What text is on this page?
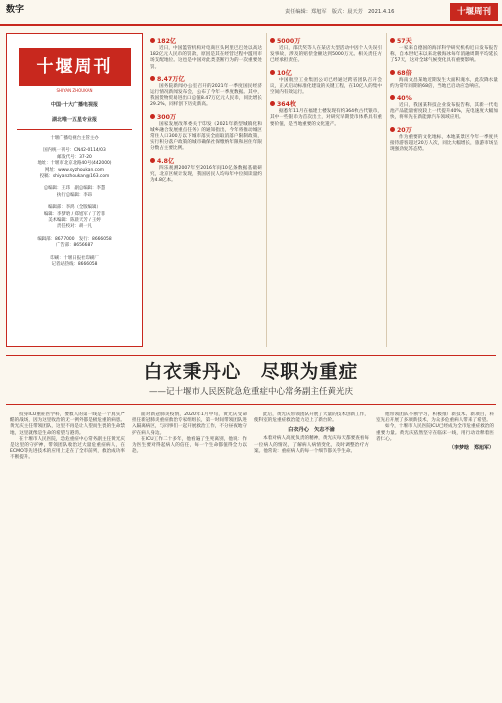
数字	责任编辑：郑旭军　版式：晨天芳　2021.4.16	十堰周刊
十堰周刊
SHIYAN ZHOUKAN
中国·十大广播电视报
湖北唯一五星专业报
十堰广播电视台主管主办
国内统一刊号：CN42-0114/03
邮发代号：37-20
地址：十堰市北京北路40号(442000)
网址：www.syzhoukan.com
投稿：shiyanzhoukan@163.com
总编辑：王玮　副总编辑：李慧
执行总编辑：李昂
编辑部：李鸿（全版编辑）
编辑：李梦晗 / 郑旭军 / 丁若菲
美术编辑：陈晨天芳 / 王婷
责任校对：胡一凡
编辑部：8677000　发行：8666058
广告部：8656687
印刷：十堰日报社印刷厂
记者站热线：8666058
182亿
近日，中国篮管机构对电商巨头阿里巴巴处以高达182亿元人民币的罚款，原因是其在经营过程中滥用市场支配地位。这也是中国对此类垄断行为的一次重要处罚。
8.47万亿
国务院新闻办公室召开的2021年一季度国民经济运行情况新闻发布会，公布了今年一季度数据。其中，我国货物贸易进出口总值8.47万亿元人民币，同比增长29.2%，同样创下历史新高。
300万
国家发展改革委关于印发《2021年新型城镇化和城乡融合发展重点任务》的通知指出，今年将推动城区常住人口300万以下城市落实全面取消落户限制政策，实行积分落户政策的城市确保社保缴纳年限和居住年限分数占主要比例。
4.8亿
四乐观测2007年至2016年间10亿条数据基础研究，北京区统计发现，我国居民人均每年中位阅读量约为4.8亿本。
5000万
近日，邵氏奖等人在某店大型活动中因个人失误引发事故，涉及的赔偿金额达到5000万元。相关责任方已经承担责任。
10亿
中国航空工业集团公司已经通过跨省团队召开会议，正式启动标准化建设的关键工程，在10亿人的集中空间内有效运行。
364枚
据悉年11月在福建土楼发现有约364枚古代银币，其中一些银币为首次出土，对研究早期货币体系具有重要价值，是当地重要的文化遗产。
57天
一家来自德国的海洋科学研究机构近日发布报告称，自本世纪末以来北极海冰每年消融周期平均延长了57天，这对全球气候变化具有重要影响。
68倍
海南文昌某地近期发生大面积淹水，此次降水量约为常年同期的68倍，当地已启动应急响应。
40%
近日，我国某科技企业发布报告称，其新一代电池产品能量密度较上一代提升40%，充电速度大幅加快，将率先在新能源汽车领域应用。
20万
作为重要的文化地标，本地某景区今年一季度共接待游客超过20万人次，同比大幅增长，旅游市场呈现强劲复苏态势。
白衣秉丹心　尽职为重症
——记十堰市人民医院急危重症中心常务副主任黄光庆
投身ICU重症医学科，要救人的第一线是一个真实严酷的战场，因为这里收治的无一例外都是极危重的病患。黄光庆主任带领团队，这里不再是让人望而生畏的生命禁地，这里就像是生命的希望与港湾。
在十堰市人民医院，急危重症中心常务副主任黄光庆是这里的守护神，带领团队收治过大量危重症病人，在ECMO等先进技术的应用上走在了全市前列，救治成功率不断提升。
面对新冠肺炎疫情，2020年1月中旬，黄光庆受命担任新冠肺炎重症救治专家组组长，第一时间带领团队进入隔离病区，与同事们一起开展救治工作，不分昼夜地守护在病人身边。
在ICU工作二十多年，他看遍了生死离别，他说：作为医生要对得起病人的信任，每一个生命都值得全力以赴。
此后，黄光庆带领团队开展了大量的技术创新工作，使科室的危重症救治能力迈上了新台阶。
白衣丹心　矢志不渝
本着对病人高度负责的精神，黄光庆每天都要查看每一位病人的情况，了解病人病情变化，及时调整治疗方案。他常说：重症病人的每一个细节都关乎生命。
他带领团队不断学习，积极推广新技术、新项目，科室先后开展了多项新技术，为众多危重病人带来了希望。
如今，十堰市人民医院ICU已经成为全市危重症救治的重要力量。黄光庆依然坚守在临床一线，用行动诠释着医者仁心。
（李梦晗　郑旭军）
